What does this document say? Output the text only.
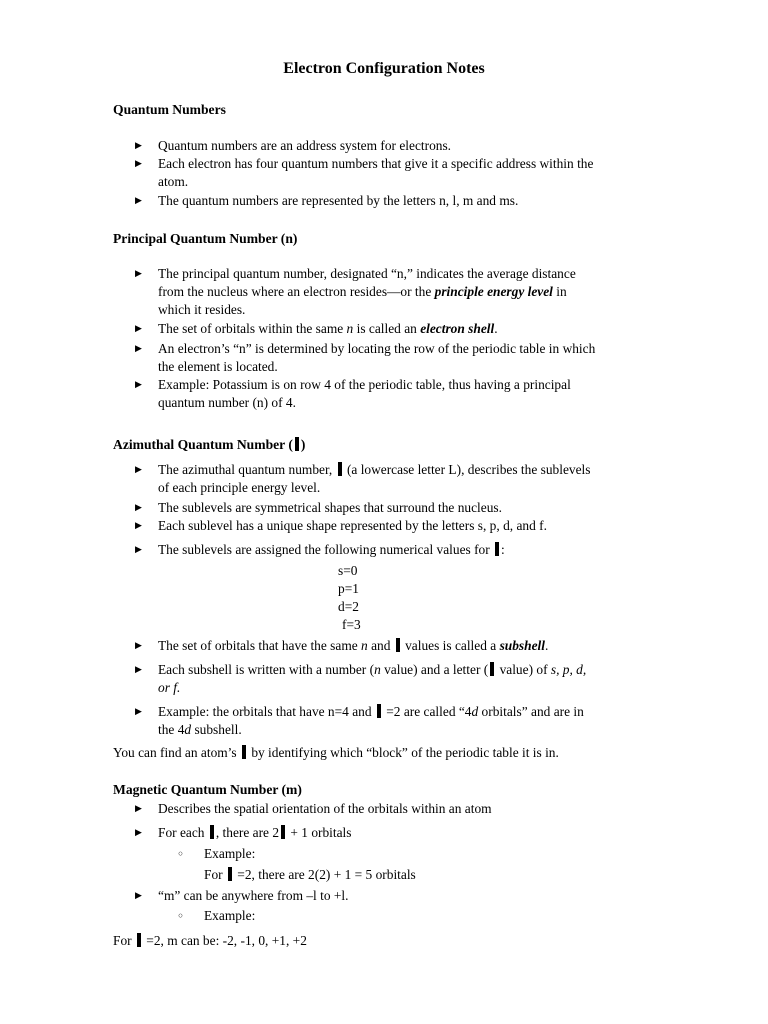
Electron Configuration Notes
Quantum Numbers
▶ Quantum numbers are an address system for electrons.
▶ Each electron has four quantum numbers that give it a specific address within the
atom.
▶ The quantum numbers are represented by the letters n, l, m and ms.
Principal Quantum Number (n)
▶ The principal quantum number, designated “n,” indicates the average distance
from the nucleus where an electron resides—or the principle energy level in
which it resides.
▶ The set of orbitals within the same n is called an electron shell.
▶ An electron’s “n” is determined by locating the row of the periodic table in which
the element is located.
▶ Example: Potassium is on row 4 of the periodic table, thus having a principal
quantum number (n) of 4.
Azimuthal Quantum Number ( )
▶ The azimuthal quantum number,  (a lowercase letter L), describes the sublevels
of each principle energy level.
▶ The sublevels are symmetrical shapes that surround the nucleus.
▶ Each sublevel has a unique shape represented by the letters s, p, d, and f.
▶ The sublevels are assigned the following numerical values for :
s=0
p=1
d=2
f=3
▶ The set of orbitals that have the same n and  values is called a subshell.
▶ Each subshell is written with a number (n value) and a letter ( value) of s, p, d,
or f.
▶ Example: the orbitals that have n=4 and  =2 are called “4d orbitals” and are in
the 4d subshell.
You can find an atom’s  by identifying which “block” of the periodic table it is in.
Magnetic Quantum Number (m)
▶ Describes the spatial orientation of the orbitals within an atom
▶ For each , there are 2 + 1 orbitals
◦ Example:
For  =2, there are 2(2) + 1 = 5 orbitals
▶ “m” can be anywhere from –l to +l.
◦ Example:
For  =2, m can be: -2, -1, 0, +1, +2
